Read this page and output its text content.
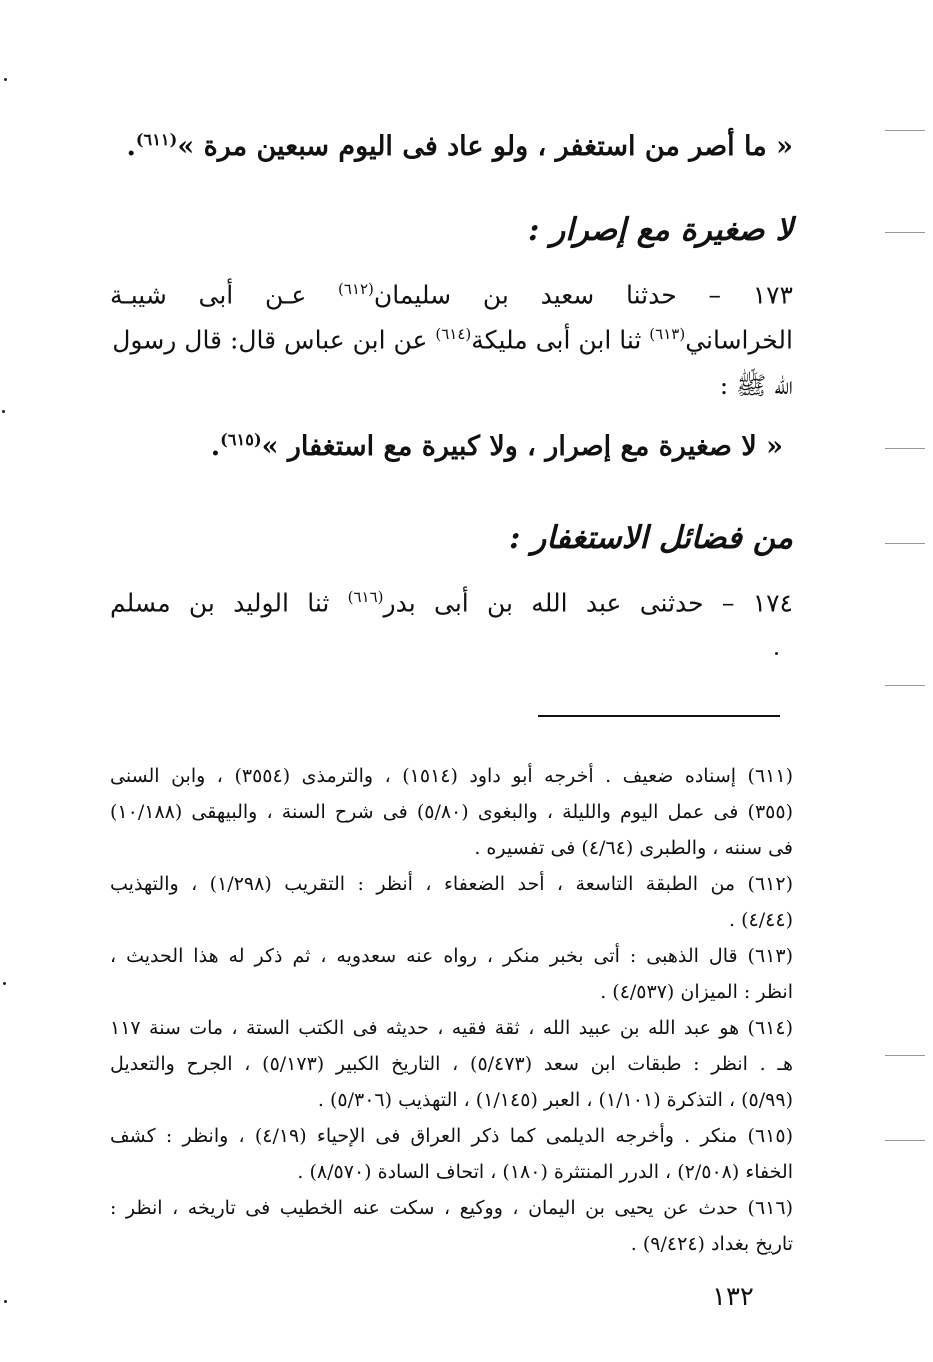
« ما أصر من استغفر ، ولو عاد فى اليوم سبعين مرة »$^{(٦١١)}$.
لا صغيرة مع إصرار :
١٧٣ – حدثنا سعيد بن سليمان$^{(٦١٢)}$ عـن أبى شيبـة
الخراساني$^{(٦١٣)}$ ثنا ابن أبى مليكة$^{(٦١٤)}$ عن ابن عباس قال: قال رسول
الله ﷺ :
« لا صغيرة مع إصرار ، ولا كبيرة مع استغفار »$^{(٦١٥)}$.
من فضائل الاستغفار :
١٧٤ – حدثنى عبد الله بن أبى بدر$^{(٦١٦)}$ ثنا الوليد بن مسلم
(٦١١) إسناده ضعيف . أخرجه أبو داود (١٥١٤) ، والترمذى (٣٥٥٤) ، وابن السنى
(٣٥٥) فى عمل اليوم والليلة ، والبغوى (٥/٨٠) فى شرح السنة ، والبيهقى (١٠/١٨٨)
فى سننه ، والطبرى (٤/٦٤) فى تفسيره .
(٦١٢) من الطبقة التاسعة ، أحد الضعفاء ، أنظر : التقريب (١/٢٩٨) ، والتهذيب
(٤/٤٤) .
(٦١٣) قال الذهبى : أتى بخبر منكر ، رواه عنه سعدويه ، ثم ذكر له هذا الحديث ،
انظر : الميزان (٤/٥٣٧) .
(٦١٤) هو عبد الله بن عبيد الله ، ثقة فقيه ، حديثه فى الكتب الستة ، مات سنة ١١٧
هـ . انظر : طبقات ابن سعد (٥/٤٧٣) ، التاريخ الكبير (٥/١٧٣) ، الجرح والتعديل
(٥/٩٩) ، التذكرة (١/١٠١) ، العبر (١/١٤٥) ، التهذيب (٥/٣٠٦) .
(٦١٥) منكر . وأخرجه الديلمى كما ذكر العراق فى الإحياء (٤/١٩) ، وانظر : كشف
الخفاء (٢/٥٠٨) ، الدرر المنتثرة (١٨٠) ، اتحاف السادة (٨/٥٧٠) .
(٦١٦) حدث عن يحيى بن اليمان ، ووكيع ، سكت عنه الخطيب فى تاريخه ، انظر :
تاريخ بغداد (٩/٤٢٤) .
١٣٢
